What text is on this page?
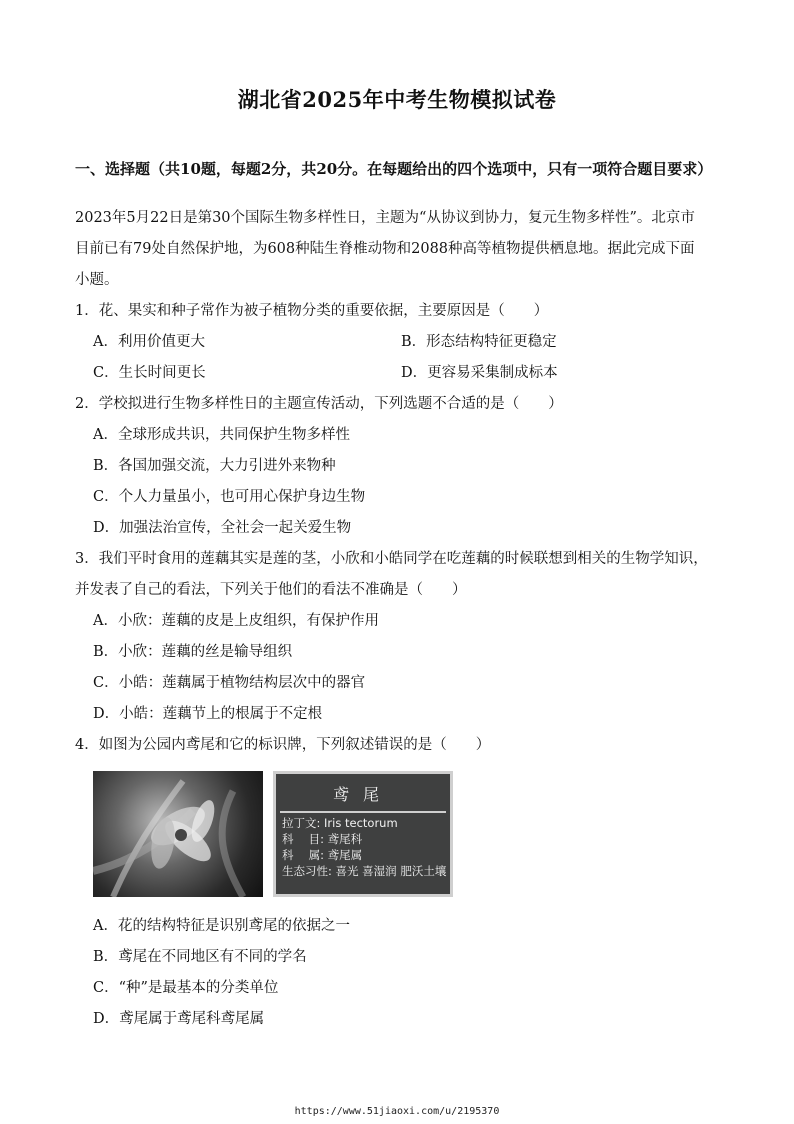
湖北省2025年中考生物模拟试卷
一、选择题（共10题，每题2分，共20分。在每题给出的四个选项中，只有一项符合题目要求）

2023年5月22日是第30个国际生物多样性日，主题为“从协议到协力，复元生物多样性”。北京市

目前已有79处自然保护地，为608种陆生脊椎动物和2088种高等植物提供栖息地。据此完成下面

小题。

1．花、果实和种子常作为被子植物分类的重要依据，主要原因是（　　）

A．利用价值更大	B．形态结构特征更稳定
C．生长时间更长	D．更容易采集制成标本

2．学校拟进行生物多样性日的主题宣传活动，下列选题不合适的是（　　）

A．全球形成共识，共同保护生物多样性
B．各国加强交流，大力引进外来物种
C．个人力量虽小，也可用心保护身边生物
D．加强法治宣传，全社会一起关爱生物

3．我们平时食用的莲藕其实是莲的茎，小欣和小皓同学在吃莲藕的时候联想到相关的生物学知识，

并发表了自己的看法，下列关于他们的看法不准确是（　　）

A．小欣：莲藕的皮是上皮组织，有保护作用
B．小欣：莲藕的丝是输导组织
C．小皓：莲藕属于植物结构层次中的器官
D．小皓：莲藕节上的根属于不定根

4．如图为公园内鸢尾和它的标识牌，下列叙述错误的是（　　）

鸢尾
拉丁文: Iris tectorum
科　 目: 鸢尾科
科　 属: 鸢尾属
生态习性: 喜光 喜湿润 肥沃土壤
A．花的结构特征是识别鸢尾的依据之一
B．鸢尾在不同地区有不同的学名
C．“种”是最基本的分类单位
D．鸢尾属于鸢尾科鸢尾属
https://www.51jiaoxi.com/u/2195370
